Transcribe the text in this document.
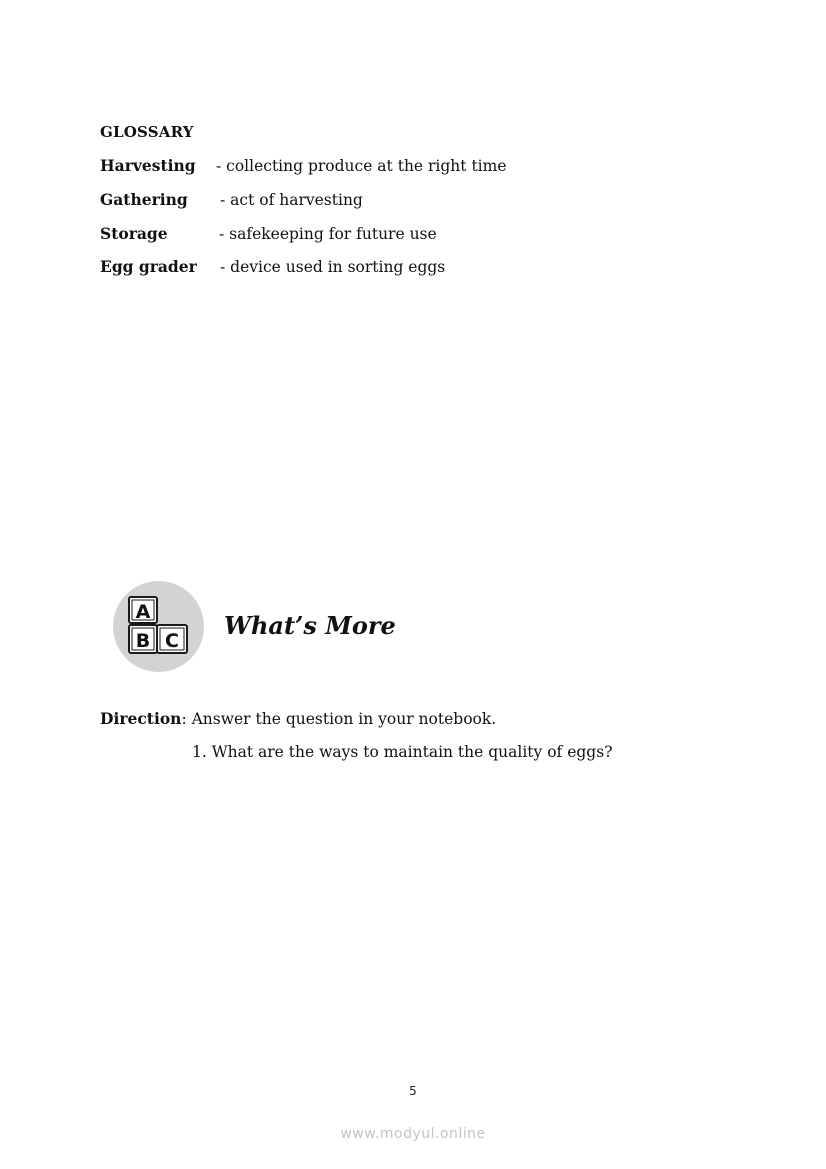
GLOSSARY
Harvesting - collecting produce at the right time
Gathering - act of harvesting
Storage	- safekeeping for future use
Egg grader - device used in sorting eggs
A
B C
What’s More
Direction: Answer the question in your notebook.
1. What are the ways to maintain the quality of eggs?
5
www.modyul.online
